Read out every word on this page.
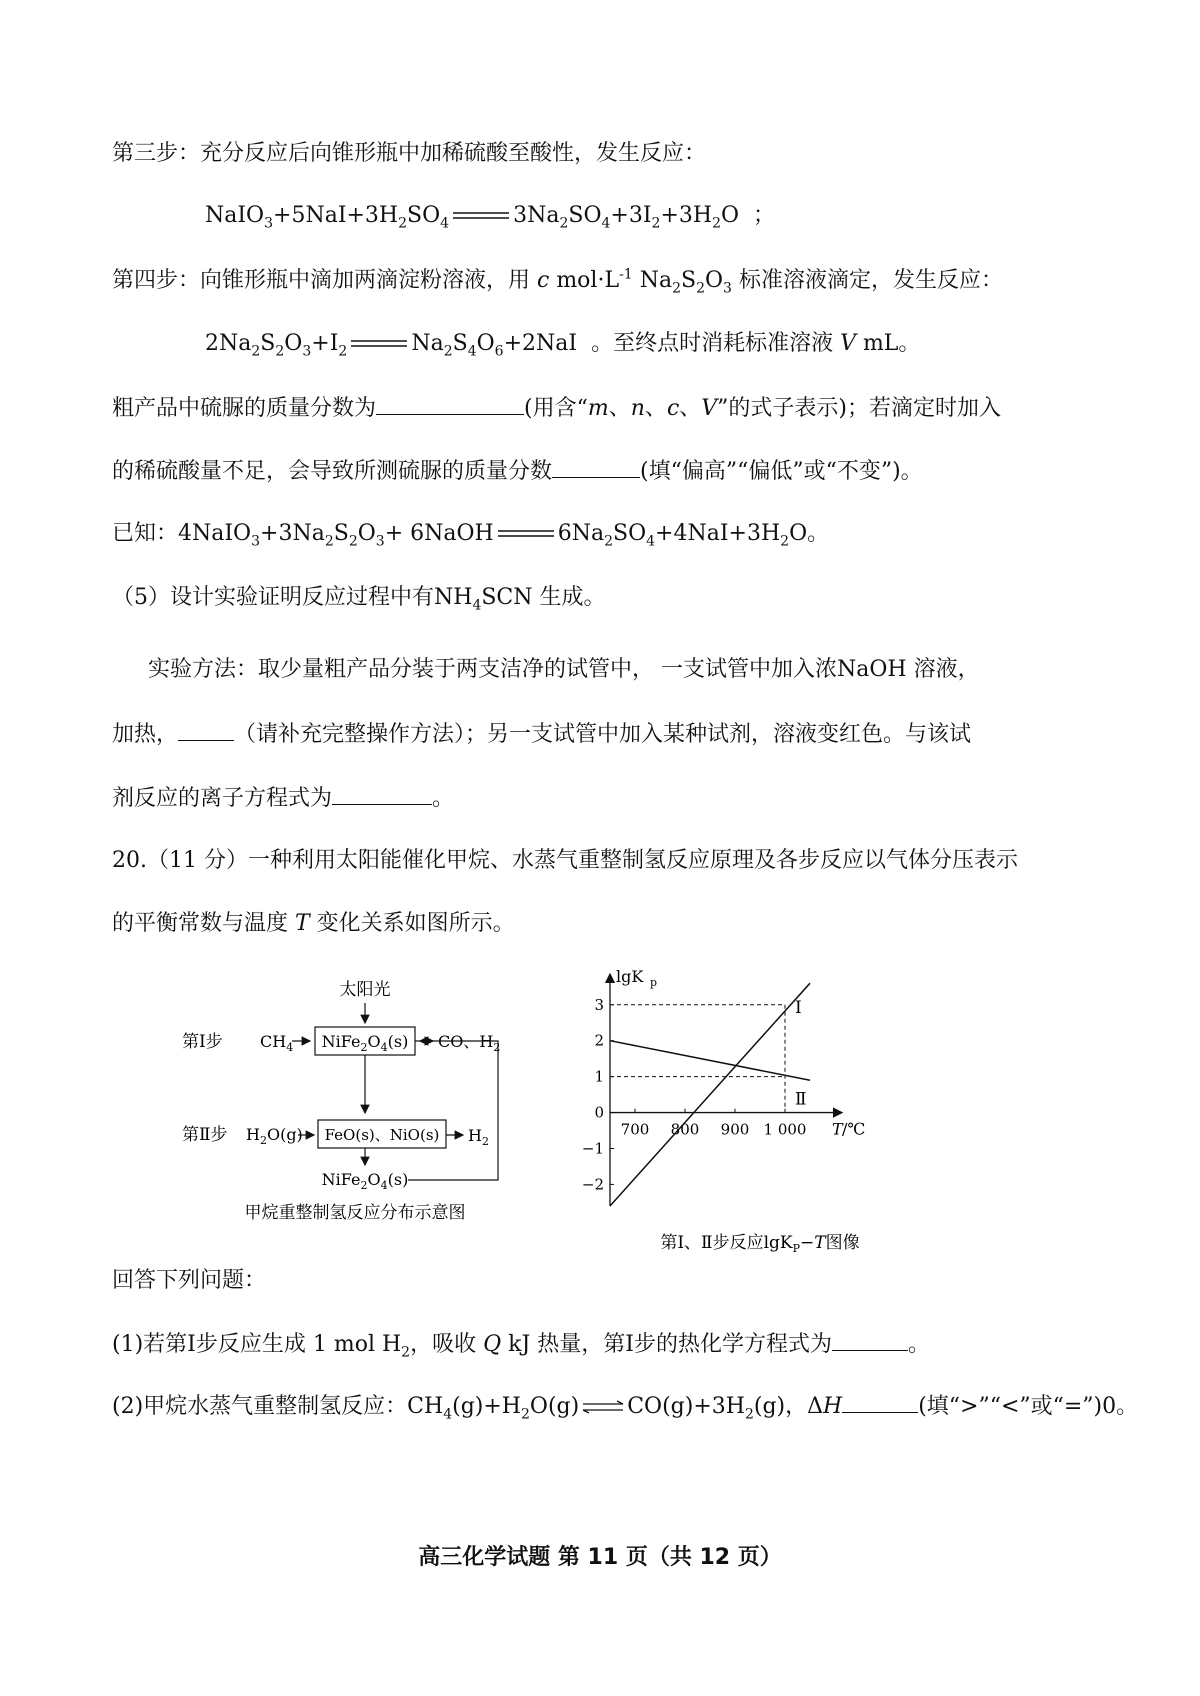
第三步：充分反应后向锥形瓶中加稀硫酸至酸性，发生反应：
$NaIO_3+5NaI+3H_2SO_4$	$3Na_2SO_4+3I_2+3H_2O$  ；
第四步：向锥形瓶中滴加两滴淀粉溶液，用 c $mol\cdot L^{-1}$ $Na_2S_2O_3$ 标准溶液滴定，发生反应：
$2Na_2S_2O_3+I_2$	$Na_2S_4O_6+2NaI$  。至终点时消耗标准溶液 V mL。
粗产品中硫脲的质量分数为	(用含“m、n、c、V”的式子表示)；若滴定时加入
的稀硫酸量不足，会导致所测硫脲的质量分数	(填“偏高”“偏低”或“不变”)。
已知：$4NaIO_3+3Na_2S_2O_3+$ 6NaOH	$6Na_2SO_4+4NaI+3H_2O$。
（5）设计实验证明反应过程中有$NH_4SCN$ 生成。
实验方法：取少量粗产品分装于两支洁净的试管中， 一支试管中加入浓NaOH 溶液，
加热，	（请补充完整操作方法）；另一支试管中加入某种试剂，溶液变红色。与该试
剂反应的离子方程式为	。
20.（11 分）一种利用太阳能催化甲烷、水蒸气重整制氢反应原理及各步反应以气体分压表示
的平衡常数与温度 T 变化关系如图所示。
太阳光
第Ⅰ步 $CH_4$ $NiFe_2O_4(s)$ CO、$H_2$
第Ⅱ步 $H_2O(g)$ FeO(s)、NiO(s) $H_2$
$NiFe_2O_4(s)$
甲烷重整制氢反应分布示意图
lgK p
T /℃
700 800 900 1 000
3
2
1
0
−1
−2
Ⅰ
Ⅱ
第Ⅰ、Ⅱ步反应lgK$_P$−T图像
回答下列问题：
(1)若第Ⅰ步反应生成 1 mol $H_2$，吸收 Q kJ 热量，第Ⅰ步的热化学方程式为	。
(2)甲烷水蒸气重整制氢反应：$CH_4(g)+H_2O(g)$ ⇌ $CO(g)+3H_2(g)$，ΔH	(填“>”“<”或“=”)0。
高三化学试题 第 11 页（共 12 页）
